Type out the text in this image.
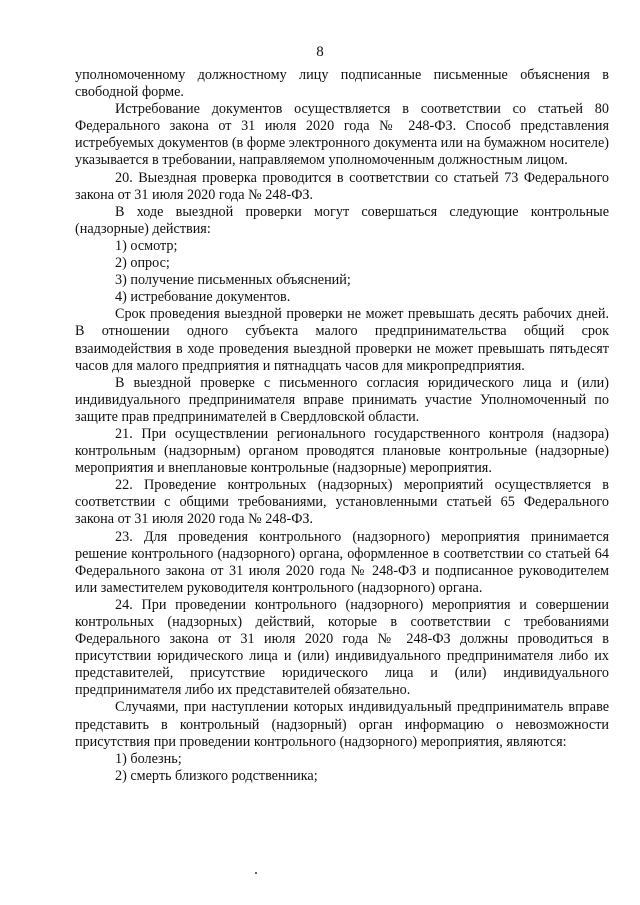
8

уполномоченному должностному лицу подписанные письменные объяснения в свободной форме.

Истребование документов осуществляется в соответствии со статьей 80 Федерального закона от 31 июля 2020 года № 248-ФЗ. Способ представления истребуемых документов (в форме электронного документа или на бумажном носителе) указывается в требовании, направляемом уполномоченным должностным лицом.

20. Выездная проверка проводится в соответствии со статьей 73 Федерального закона от 31 июля 2020 года № 248-ФЗ.

В ходе выездной проверки могут совершаться следующие контрольные (надзорные) действия:

1) осмотр;

2) опрос;

3) получение письменных объяснений;

4) истребование документов.

Срок проведения выездной проверки не может превышать десять рабочих дней. В отношении одного субъекта малого предпринимательства общий срок взаимодействия в ходе проведения выездной проверки не может превышать пятьдесят часов для малого предприятия и пятнадцать часов для микропредприятия.

В выездной проверке с письменного согласия юридического лица и (или) индивидуального предпринимателя вправе принимать участие Уполномоченный по защите прав предпринимателей в Свердловской области.

21. При осуществлении регионального государственного контроля (надзора) контрольным (надзорным) органом проводятся плановые контрольные (надзорные) мероприятия и внеплановые контрольные (надзорные) мероприятия.

22. Проведение контрольных (надзорных) мероприятий осуществляется в соответствии с общими требованиями, установленными статьей 65 Федерального закона от 31 июля 2020 года № 248-ФЗ.

23. Для проведения контрольного (надзорного) мероприятия принимается решение контрольного (надзорного) органа, оформленное в соответствии со статьей 64 Федерального закона от 31 июля 2020 года № 248-ФЗ и подписанное руководителем или заместителем руководителя контрольного (надзорного) органа.

24. При проведении контрольного (надзорного) мероприятия и совершении контрольных (надзорных) действий, которые в соответствии с требованиями Федерального закона от 31 июля 2020 года № 248-ФЗ должны проводиться в присутствии юридического лица и (или) индивидуального предпринимателя либо их представителей, присутствие юридического лица и (или) индивидуального предпринимателя либо их представителей обязательно.

Случаями, при наступлении которых индивидуальный предприниматель вправе представить в контрольный (надзорный) орган информацию о невозможности присутствия при проведении контрольного (надзорного) мероприятия, являются:

1) болезнь;

2) смерть близкого родственника;
